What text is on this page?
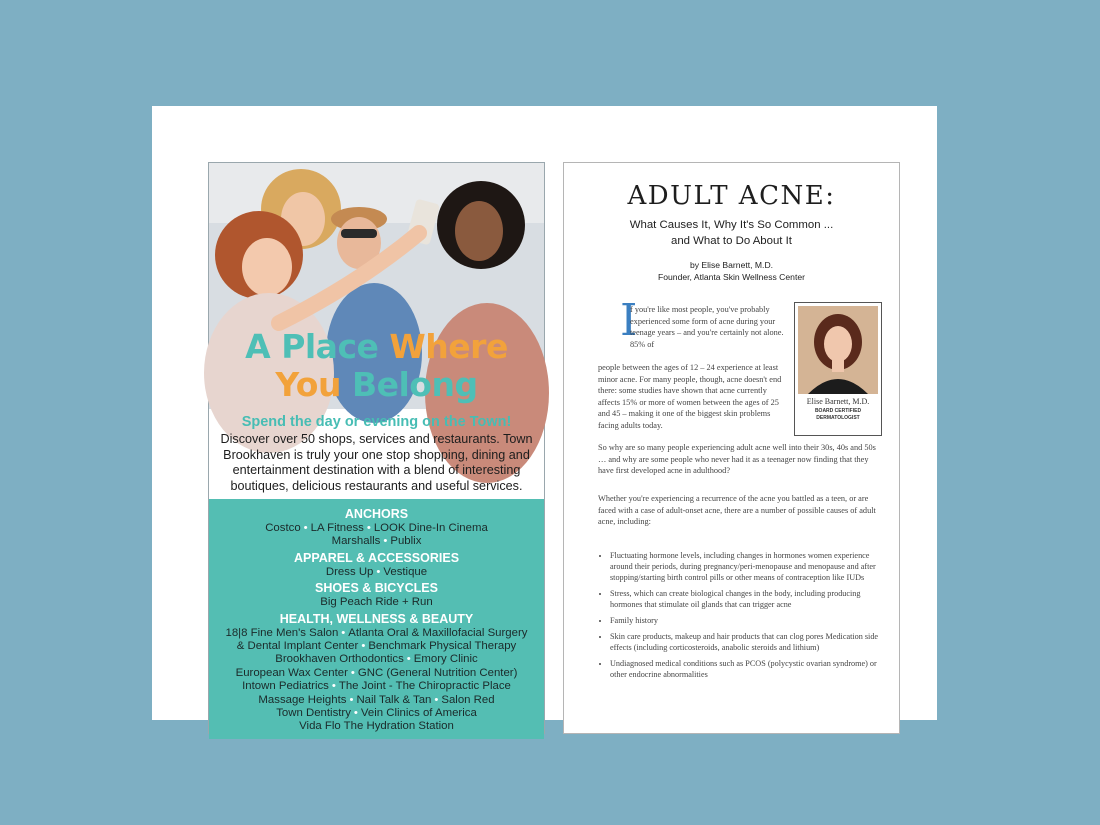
A Place Where
You Belong
Spend the day or evening on the Town!
Discover over 50 shops, services and restaurants. Town Brookhaven is truly your one stop shopping, dining and entertainment destination with a blend of interesting boutiques, delicious restaurants and useful services.
ANCHORS
Costco • LA Fitness • LOOK Dine-In Cinema
Marshalls • Publix
APPAREL & ACCESSORIES
Dress Up • Vestique
SHOES & BICYCLES
Big Peach Ride + Run
HEALTH, WELLNESS & BEAUTY
18|8 Fine Men's Salon • Atlanta Oral & Maxillofacial Surgery
& Dental Implant Center • Benchmark Physical Therapy
Brookhaven Orthodontics • Emory Clinic
European Wax Center • GNC (General Nutrition Center)
Intown Pediatrics • The Joint - The Chiropractic Place
Massage Heights • Nail Talk & Tan • Salon Red
Town Dentistry • Vein Clinics of America
Vida Flo The Hydration Station
ADULT ACNE:
What Causes It, Why It's So Common ...
and What to Do About It
by Elise Barnett, M.D.
Founder, Atlanta Skin Wellness Center
I
f you're like most people, you've probably experienced some form of acne during your teenage years – and you're certainly not alone. 85% of
people between the ages of 12 – 24 experience at least minor acne. For many people, though, acne doesn't end there: some studies have shown that acne currently affects 15% or more of women between the ages of 25 and 45 – making it one of the biggest skin problems facing adults today.
Elise Barnett, M.D.
BOARD CERTIFIED
DERMATOLOGIST
So why are so many people experiencing adult acne well into their 30s, 40s and 50s … and why are some people who never had it as a teenager now finding that they have first developed acne in adulthood?
Whether you're experiencing a recurrence of the acne you battled as a teen, or are faced with a case of adult-onset acne, there are a number of possible causes of adult acne, including:
• Fluctuating hormone levels, including changes in hormones women experience around their periods, during pregnancy/peri-menopause and menopause and after stopping/starting birth control pills or other means of contraception like IUDs
• Stress, which can create biological changes in the body, including producing hormones that stimulate oil glands that can trigger acne
• Family history
• Skin care products, makeup and hair products that can clog pores Medication side effects (including corticosteroids, anabolic steroids and lithium)
• Undiagnosed medical conditions such as PCOS (polycystic ovarian syndrome) or other endocrine abnormalities
